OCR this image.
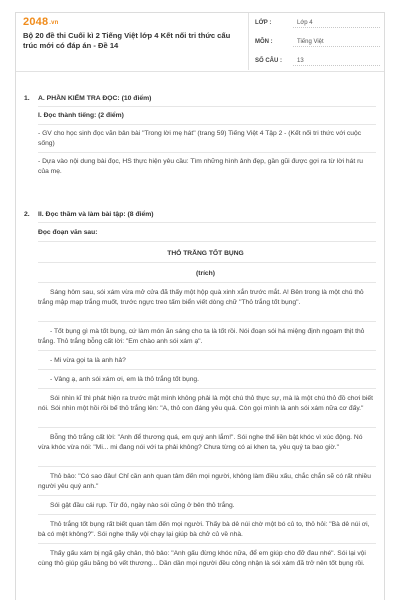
2048.vn
Bộ 20 đề thi Cuối kì 2 Tiếng Việt lớp 4 Kết nối tri thức cấu trúc mới có đáp án - Đề 14
LỚP :	Lớp 4
MÔN :	Tiếng Việt
SỐ CÂU :	13
1. A. PHẦN KIỂM TRA ĐỌC: (10 điểm)
I. Đọc thành tiếng: (2 điểm)
- GV cho học sinh đọc văn bản bài "Trong lời mẹ hát" (trang 59) Tiếng Việt 4 Tập 2 - (Kết nối tri thức với cuộc sống)
- Dựa vào nội dung bài đọc, HS thực hiện yêu cầu: Tìm những hình ảnh đẹp, gần gũi được gợi ra từ lời hát ru của mẹ.
2. II. Đọc thầm và làm bài tập: (8 điểm)
Đọc đoạn văn sau:
THỎ TRẮNG TỐT BỤNG
(trích)

Sáng hôm sau, sói xám vừa mở cửa đã thấy một hộp quà xinh xắn trước mắt. A! Bên trong là một chú thỏ trắng mập mạp trắng muốt, trước ngực treo tấm biển viết dòng chữ "Thỏ trắng tốt bụng".

- Tốt bụng gì mà tốt bụng, cứ làm món ăn sáng cho ta là tốt rồi. Nói đoạn sói há miệng định ngoạm thịt thỏ trắng. Thỏ trắng bỗng cất lời: "Em chào anh sói xám ạ".

- Mi vừa gọi ta là anh hả?

- Vâng ạ, anh sói xám ơi, em là thỏ trắng tốt bụng.

Sói nhìn kĩ thì phát hiện ra trước mặt mình không phải là một chú thỏ thực sự, mà là một chú thỏ đồ chơi biết nói. Sói nhìn một hồi rồi bế thỏ trắng lên: "A, thỏ con đáng yêu quá. Còn gọi mình là anh sói xám nữa cơ đấy."

Bỗng thỏ trắng cất lời: "Anh để thương quá, em quý anh lắm!". Sói nghe thế liền bật khóc vì xúc động. Nó vừa khóc vừa nói: "Mi... mi đang nói với ta phải không? Chưa từng có ai khen ta, yêu quý ta bao giờ."

Thỏ bảo: "Có sao đâu! Chỉ cần anh quan tâm đến mọi người, không làm điều xấu, chắc chắn sẽ có rất nhiều người yêu quý anh."

Sói gật đầu cái rụp. Từ đó, ngày nào sói cũng ở bên thỏ trắng.

Thỏ trắng tốt bụng rất biết quan tâm đến mọi người. Thấy bà dê núi chờ một bó củ to, thỏ hỏi: "Bà dê núi ơi, bà có mệt không?". Sói nghe thấy vội chạy lại giúp bà chở củ về nhà.

Thấy gấu xám bị ngã gãy chân, thỏ bảo: "Anh gấu đừng khóc nữa, để em giúp cho đỡ đau nhé". Sói lại vội cùng thỏ giúp gấu băng bó vết thương... Dần dần mọi người đều công nhận là sói xám đã trở nên tốt bụng rồi.
